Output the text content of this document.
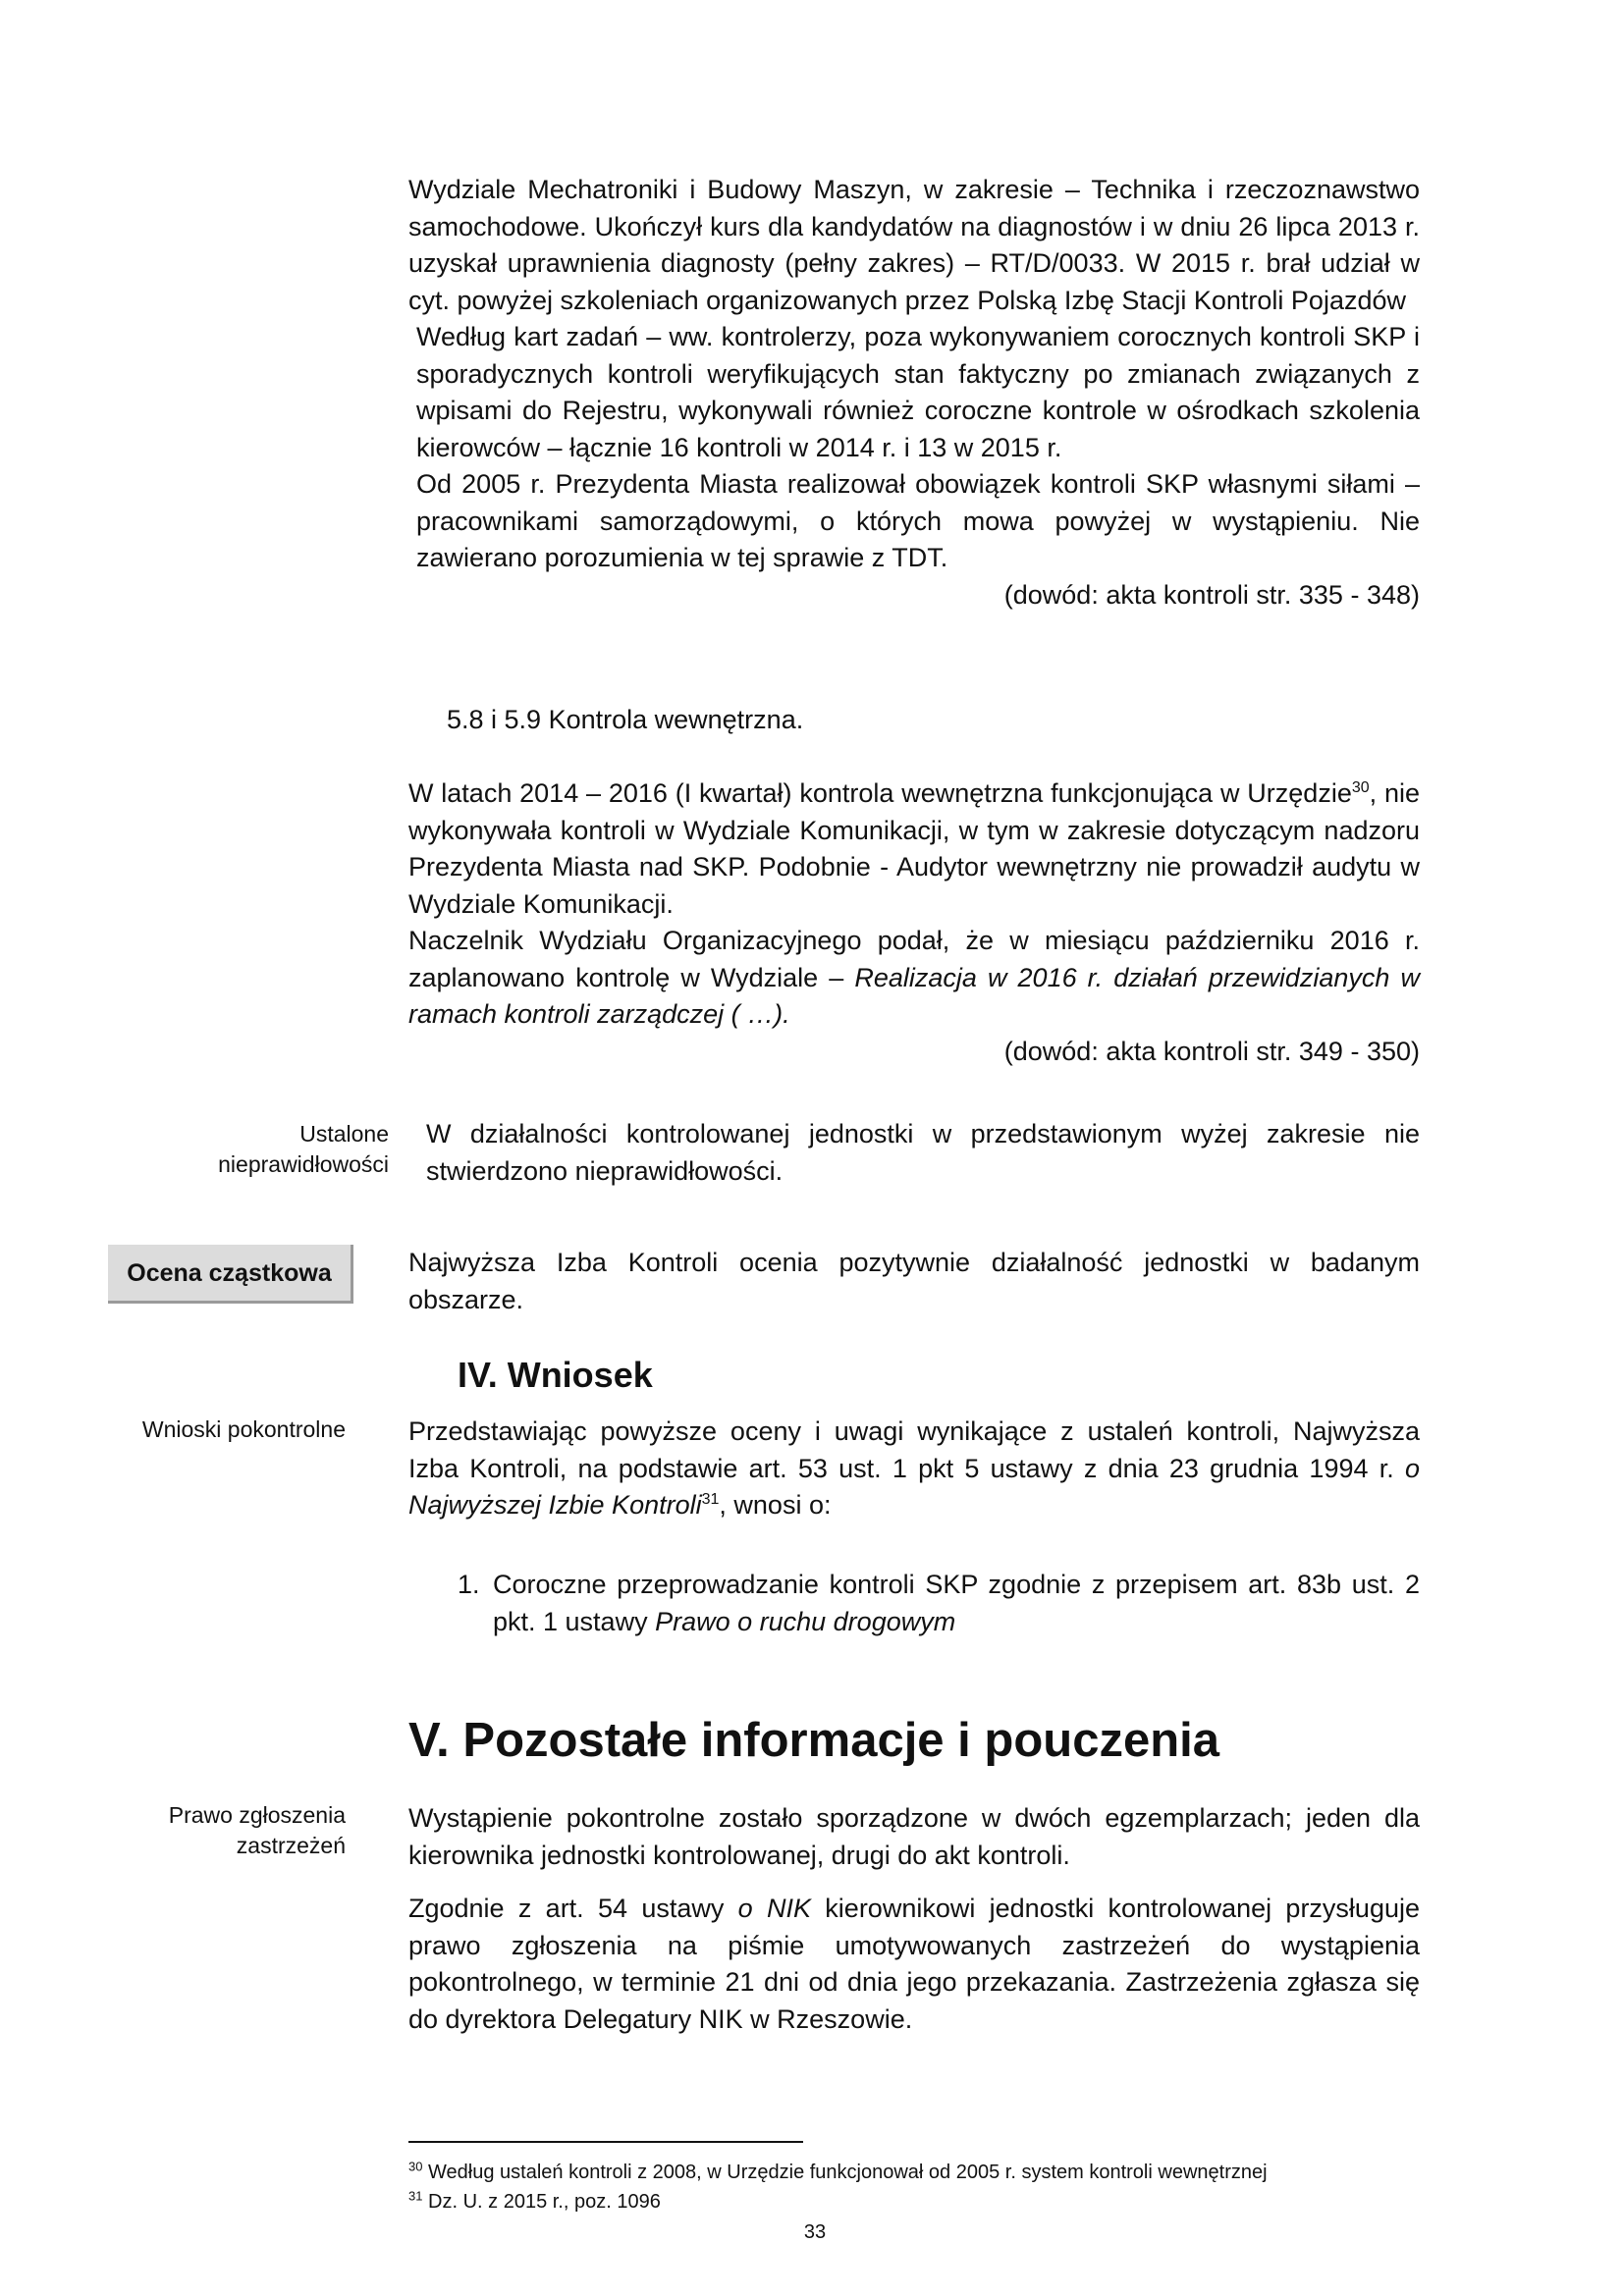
Wydziale Mechatroniki i Budowy Maszyn, w zakresie – Technika i rzeczoznawstwo samochodowe. Ukończył kurs dla kandydatów na diagnostów i w dniu 26 lipca 2013 r. uzyskał uprawnienia diagnosty (pełny zakres) – RT/D/0033. W 2015 r. brał udział w cyt. powyżej szkoleniach organizowanych przez Polską Izbę Stacji Kontroli Pojazdów

Według kart zadań – ww. kontrolerzy, poza wykonywaniem corocznych kontroli SKP i sporadycznych kontroli weryfikujących stan faktyczny po zmianach związanych z wpisami do Rejestru, wykonywali również coroczne kontrole w ośrodkach szkolenia kierowców – łącznie 16 kontroli w 2014 r. i 13 w 2015 r.

Od 2005 r. Prezydenta Miasta realizował obowiązek kontroli SKP własnymi siłami – pracownikami samorządowymi, o których mowa powyżej w wystąpieniu. Nie zawierano porozumienia w tej sprawie z TDT.

(dowód: akta kontroli str. 335 - 348)

5.8 i 5.9 Kontrola wewnętrzna.

W latach 2014 – 2016 (I kwartał) kontrola wewnętrzna funkcjonująca w Urzędzie$^{30}$, nie wykonywała kontroli w Wydziale Komunikacji, w tym w zakresie dotyczącym nadzoru Prezydenta Miasta nad SKP. Podobnie - Audytor wewnętrzny nie prowadził audytu w Wydziale Komunikacji.

Naczelnik Wydziału Organizacyjnego podał, że w miesiącu październiku 2016 r. zaplanowano kontrolę w Wydziale – Realizacja w 2016 r. działań przewidzianych w ramach kontroli zarządczej ( …).

(dowód: akta kontroli str. 349 - 350)

Ustalone
nieprawidłowości
W działalności kontrolowanej jednostki w przedstawionym wyżej zakresie nie stwierdzono nieprawidłowości.
Ocena cząstkowa	Najwyższa Izba Kontroli ocenia pozytywnie działalność jednostki w badanym obszarze.
IV. Wniosek
Wnioski pokontrolne Przedstawiając powyższe oceny i uwagi wynikające z ustaleń kontroli, Najwyższa Izba Kontroli, na podstawie art. 53 ust. 1 pkt 5 ustawy z dnia 23 grudnia 1994 r. o Najwyższej Izbie Kontroli$^{31}$, wnosi o:
1. Coroczne przeprowadzanie kontroli SKP zgodnie z przepisem art. 83b ust. 2 pkt. 1 ustawy Prawo o ruchu drogowym
V. Pozostałe informacje i pouczenia
Prawo zgłoszenia
zastrzeżeń
Wystąpienie pokontrolne zostało sporządzone w dwóch egzemplarzach; jeden dla kierownika jednostki kontrolowanej, drugi do akt kontroli.
Zgodnie z art. 54 ustawy o NIK kierownikowi jednostki kontrolowanej przysługuje prawo zgłoszenia na piśmie umotywowanych zastrzeżeń do wystąpienia pokontrolnego, w terminie 21 dni od dnia jego przekazania. Zastrzeżenia zgłasza się do dyrektora Delegatury NIK w Rzeszowie.
$^{30}$ Według ustaleń kontroli z 2008, w Urzędzie funkcjonował od 2005 r. system kontroli wewnętrznej
$^{31}$ Dz. U. z 2015 r., poz. 1096
33
